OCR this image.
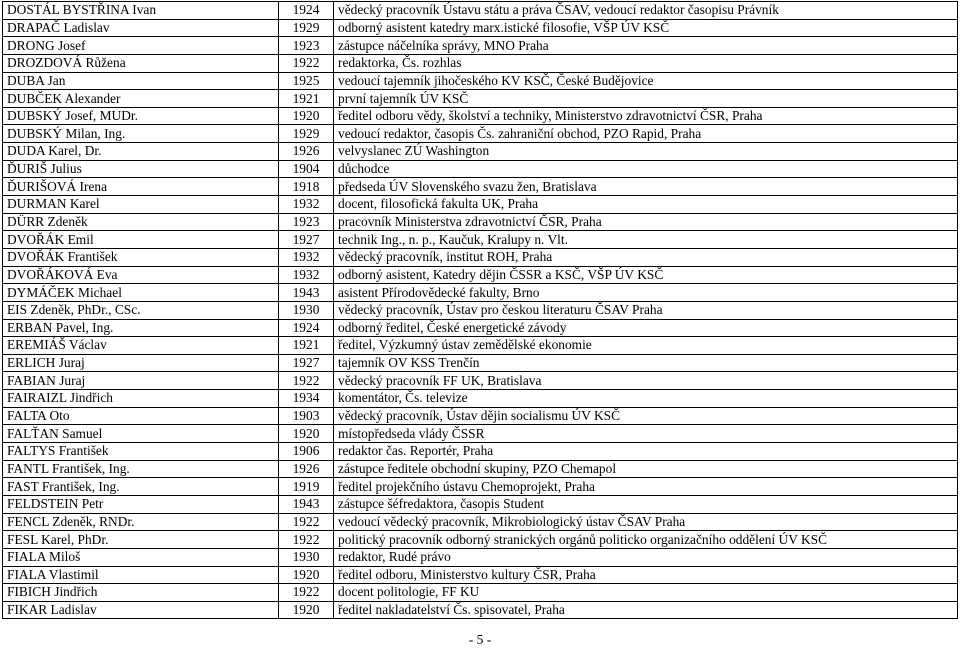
DOSTÁL BYSTŘINA Ivan	1924	vědecký pracovník Ústavu státu a práva ČSAV, vedoucí redaktor časopisu Právník
DRAPAČ Ladislav	1929	odborný asistent katedry marx.istické filosofie, VŠP ÚV KSČ
DRONG Josef	1923	zástupce náčelníka správy, MNO Praha
DROZDOVÁ Růžena	1922	redaktorka, Čs. rozhlas
DUBA Jan	1925	vedoucí tajemník jihočeského KV KSČ, České Budějovice
DUBČEK Alexander	1921	první tajemník ÚV KSČ
DUBSKÝ Josef, MUDr.	1920	ředitel odboru vědy, školství a techniky, Ministerstvo zdravotnictví ČSR, Praha
DUBSKÝ Milan, Ing.	1929	vedoucí redaktor, časopis Čs. zahraniční obchod, PZO Rapid, Praha
DUDA Karel, Dr.	1926	velvyslanec ZÚ Washington
ĎURIŠ Julius	1904	důchodce
ĎURIŠOVÁ Irena	1918	předseda ÚV Slovenského svazu žen, Bratislava
DURMAN Karel	1932	docent, filosofická fakulta UK, Praha
DÜRR Zdeněk	1923	pracovník Ministerstva zdravotnictví ČSR, Praha
DVOŘÁK Emil	1927	technik Ing., n. p., Kaučuk, Kralupy n. Vlt.
DVOŘÁK František	1932	vědecký pracovník, institut ROH, Praha
DVOŘÁKOVÁ Eva	1932	odborný asistent, Katedry dějin ČSSR a KSČ, VŠP ÚV KSČ
DYMÁČEK Michael	1943	asistent Přírodovědecké fakulty, Brno
EIS Zdeněk, PhDr., CSc.	1930	vědecký pracovník, Ústav pro českou literaturu ČSAV Praha
ERBAN Pavel, Ing.	1924	odborný ředitel, České energetické závody
EREMIÁŠ Václav	1921	ředitel, Výzkumný ústav zemědělské ekonomie
ERLICH Juraj	1927	tajemník OV KSS Trenčín
FABIAN Juraj	1922	vědecký pracovník FF UK, Bratislava
FAIRAIZL Jindřich	1934	komentátor, Čs. televize
FALTA Oto	1903	vědecký pracovník, Ústav dějin socialismu ÚV KSČ
FALŤAN Samuel	1920	místopředseda vlády ČSSR
FALTYS František	1906	redaktor čas. Reportér, Praha
FANTL František, Ing.	1926	zástupce ředitele obchodní skupiny, PZO Chemapol
FAST František, Ing.	1919	ředitel projekčního ústavu Chemoprojekt, Praha
FELDSTEIN Petr	1943	zástupce šéfredaktora, časopis Student
FENCL Zdeněk, RNDr.	1922	vedoucí vědecký pracovník, Mikrobiologický ústav ČSAV Praha
FESL Karel, PhDr.	1922	politický pracovník odborný stranických orgánů politicko organizačního oddělení ÚV KSČ
FIALA Miloš	1930	redaktor, Rudé právo
FIALA Vlastimil	1920	ředitel odboru, Ministerstvo kultury ČSR, Praha
FIBICH Jindřich	1922	docent politologie, FF KU
FIKAR Ladislav	1920	ředitel nakladatelství Čs. spisovatel, Praha
- 5 -
